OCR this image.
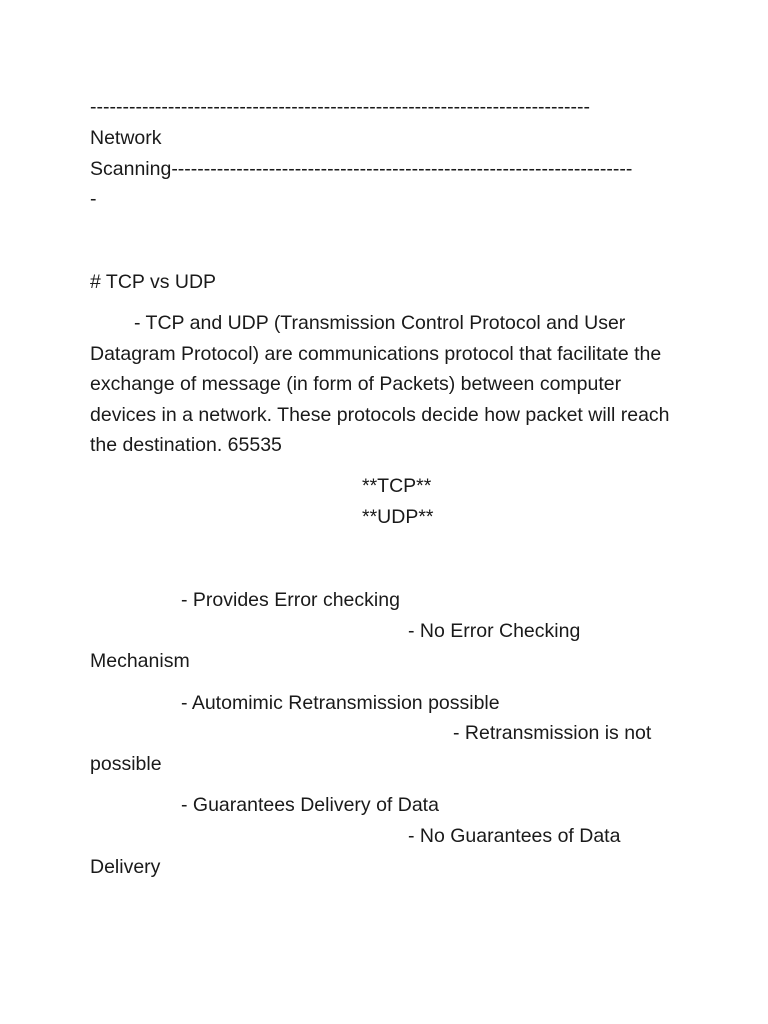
-----------------------------------------------------------------------------
Network
Scanning-----------------------------------------------------------------------
-
# TCP vs UDP
- TCP and UDP (Transmission Control Protocol and User Datagram Protocol) are communications protocol that facilitate the exchange of message (in form of Packets) between computer devices in a network. These protocols decide how packet will reach the destination. 65535
**TCP**
**UDP**
- Provides Error checking
- No Error Checking
Mechanism
- Automimic Retransmission possible
- Retransmission is not
possible
- Guarantees Delivery of Data
- No Guarantees of Data
Delivery
